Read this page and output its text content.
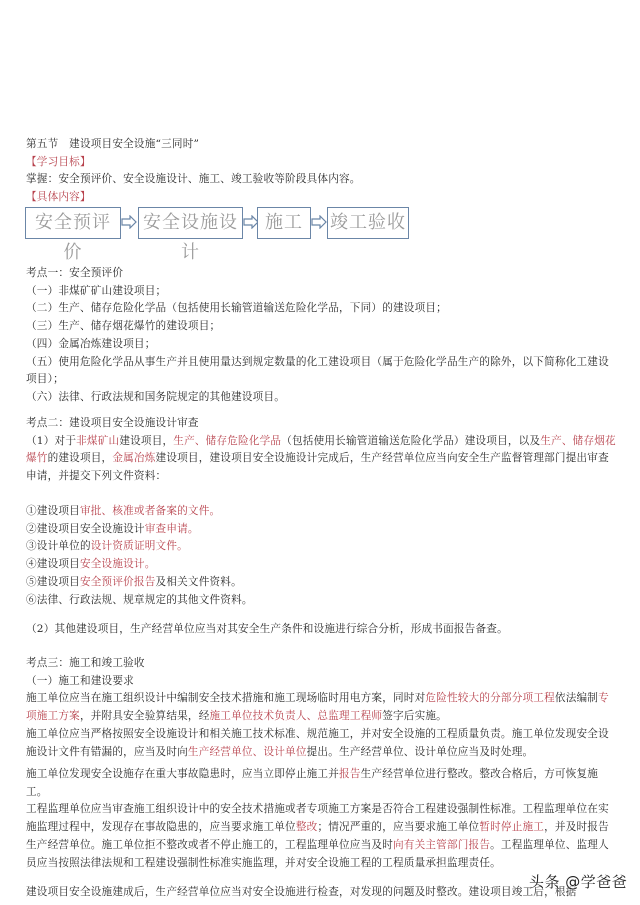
第五节　建设项目安全设施“三同时”

【学习目标】

掌握：安全预评价、安全设施设计、施工、竣工验收等阶段具体内容。

【具体内容】

安全预评价
安全设施设计
施工	竣工验收

考点一：安全预评价

（一）非煤矿矿山建设项目；

（二）生产、储存危险化学品（包括使用长输管道输送危险化学品，下同）的建设项目；

（三）生产、储存烟花爆竹的建设项目；

（四）金属冶炼建设项目；

（五）使用危险化学品从事生产并且使用量达到规定数量的化工建设项目（属于危险化学品生产的除外，以下简称化工建设项目）；

（六）法律、行政法规和国务院规定的其他建设项目。

考点二：建设项目安全设施设计审查

（1）对于非煤矿山建设项目，生产、储存危险化学品（包括使用长输管道输送危险化学品）建设项目，以及生产、储存烟花爆竹的建设项目，金属冶炼建设项目，建设项目安全设施设计完成后，生产经营单位应当向安全生产监督管理部门提出审查申请，并提交下列文件资料：

①建设项目审批、核准或者备案的文件。

②建设项目安全设施设计审查申请。

③设计单位的设计资质证明文件。

④建设项目安全设施设计。

⑤建设项目安全预评价报告及相关文件资料。

⑥法律、行政法规、规章规定的其他文件资料。

（2）其他建设项目，生产经营单位应当对其安全生产条件和设施进行综合分析，形成书面报告备查。

考点三：施工和竣工验收

（一）施工和建设要求

施工单位应当在施工组织设计中编制安全技术措施和施工现场临时用电方案，同时对危险性较大的分部分项工程依法编制专项施工方案，并附具安全验算结果，经施工单位技术负责人、总监理工程师签字后实施。

施工单位应当严格按照安全设施设计和相关施工技术标准、规范施工，并对安全设施的工程质量负责。施工单位发现安全设施设计文件有错漏的，应当及时向生产经营单位、设计单位提出。生产经营单位、设计单位应当及时处理。

施工单位发现安全设施存在重大事故隐患时，应当立即停止施工并报告生产经营单位进行整改。整改合格后，方可恢复施工。

工程监理单位应当审查施工组织设计中的安全技术措施或者专项施工方案是否符合工程建设强制性标准。工程监理单位在实施监理过程中，发现存在事故隐患的，应当要求施工单位整改；情况严重的，应当要求施工单位暂时停止施工，并及时报告生产经营单位。施工单位拒不整改或者不停止施工的，工程监理单位应当及时向有关主管部门报告。工程监理单位、监理人员应当按照法律法规和工程建设强制性标准实施监理，并对安全设施工程的工程质量承担监理责任。

建设项目安全设施建成后，生产经营单位应当对安全设施进行检查，对发现的问题及时整改。建设项目竣工后，根据
头条 @学爸爸
